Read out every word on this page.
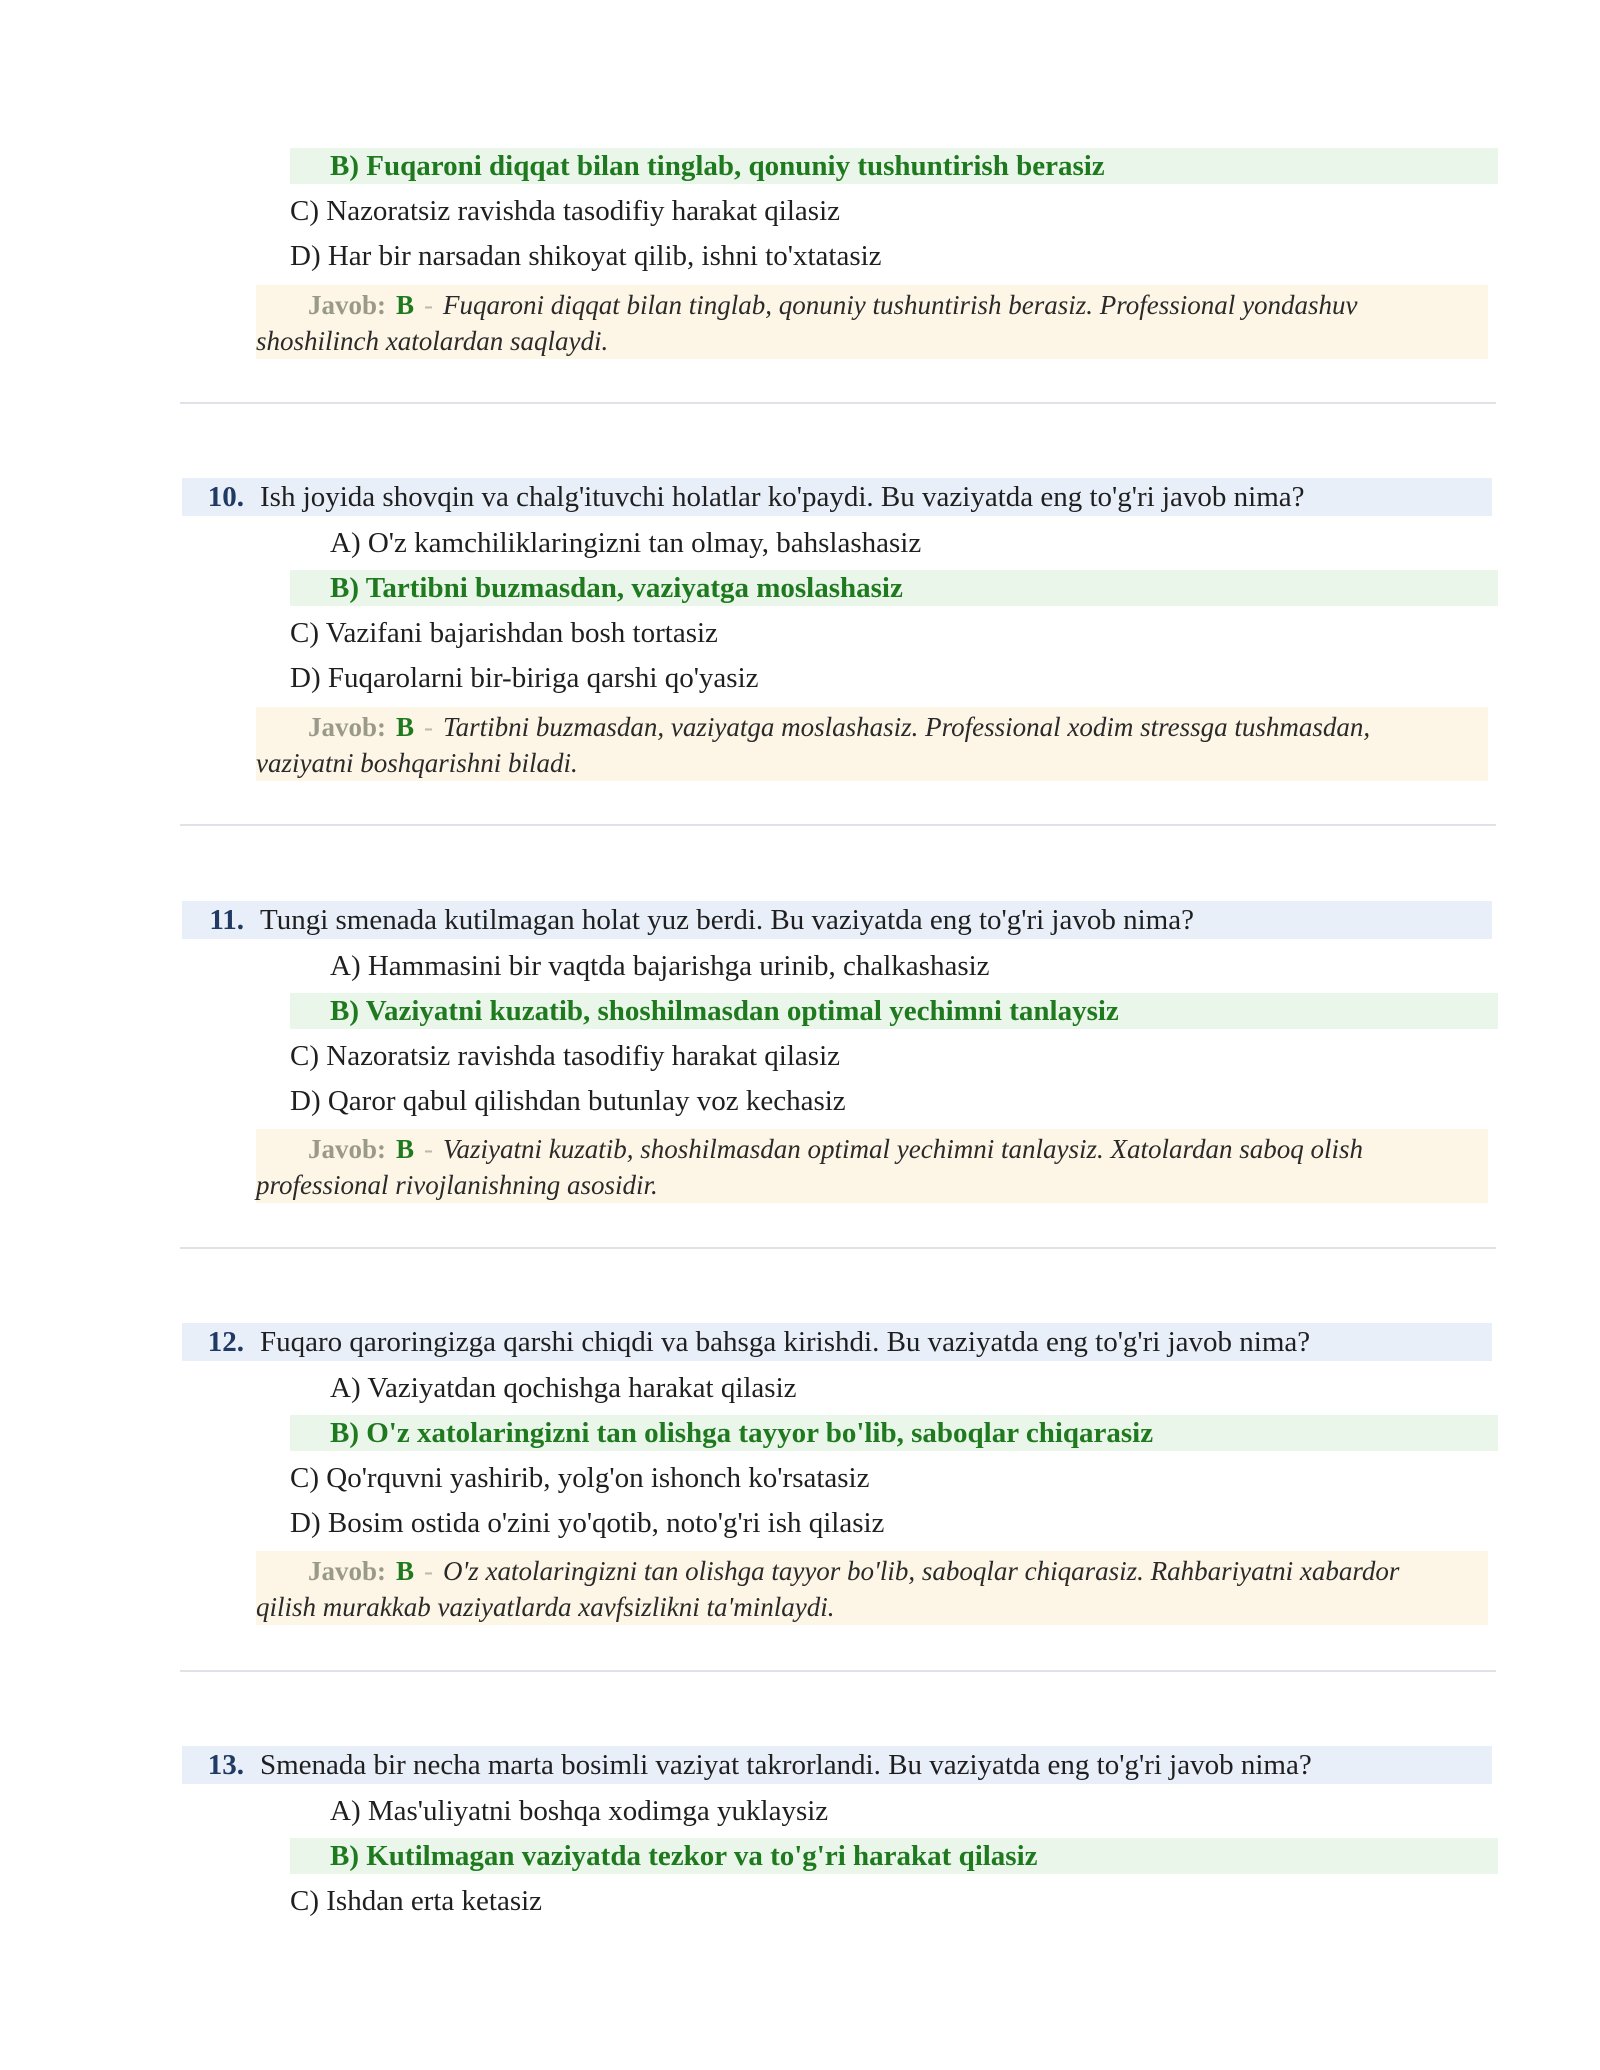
B) Fuqaroni diqqat bilan tinglab, qonuniy tushuntirish berasiz
C) Nazoratsiz ravishda tasodifiy harakat qilasiz
D) Har bir narsadan shikoyat qilib, ishni to'xtatasiz
Javob: B - Fuqaroni diqqat bilan tinglab, qonuniy tushuntirish berasiz. Professional yondashuv
shoshilinch xatolardan saqlaydi.
10. Ish joyida shovqin va chalg'ituvchi holatlar ko'paydi. Bu vaziyatda eng to'g'ri javob nima?
A) O'z kamchiliklaringizni tan olmay, bahslashasiz
B) Tartibni buzmasdan, vaziyatga moslashasiz
C) Vazifani bajarishdan bosh tortasiz
D) Fuqarolarni bir-biriga qarshi qo'yasiz
Javob: B - Tartibni buzmasdan, vaziyatga moslashasiz. Professional xodim stressga tushmasdan,
vaziyatni boshqarishni biladi.
11. Tungi smenada kutilmagan holat yuz berdi. Bu vaziyatda eng to'g'ri javob nima?
A) Hammasini bir vaqtda bajarishga urinib, chalkashasiz
B) Vaziyatni kuzatib, shoshilmasdan optimal yechimni tanlaysiz
C) Nazoratsiz ravishda tasodifiy harakat qilasiz
D) Qaror qabul qilishdan butunlay voz kechasiz
Javob: B - Vaziyatni kuzatib, shoshilmasdan optimal yechimni tanlaysiz. Xatolardan saboq olish
professional rivojlanishning asosidir.
12. Fuqaro qaroringizga qarshi chiqdi va bahsga kirishdi. Bu vaziyatda eng to'g'ri javob nima?
A) Vaziyatdan qochishga harakat qilasiz
B) O'z xatolaringizni tan olishga tayyor bo'lib, saboqlar chiqarasiz
C) Qo'rquvni yashirib, yolg'on ishonch ko'rsatasiz
D) Bosim ostida o'zini yo'qotib, noto'g'ri ish qilasiz
Javob: B - O'z xatolaringizni tan olishga tayyor bo'lib, saboqlar chiqarasiz. Rahbariyatni xabardor
qilish murakkab vaziyatlarda xavfsizlikni ta'minlaydi.
13. Smenada bir necha marta bosimli vaziyat takrorlandi. Bu vaziyatda eng to'g'ri javob nima?
A) Mas'uliyatni boshqa xodimga yuklaysiz
B) Kutilmagan vaziyatda tezkor va to'g'ri harakat qilasiz
C) Ishdan erta ketasiz
